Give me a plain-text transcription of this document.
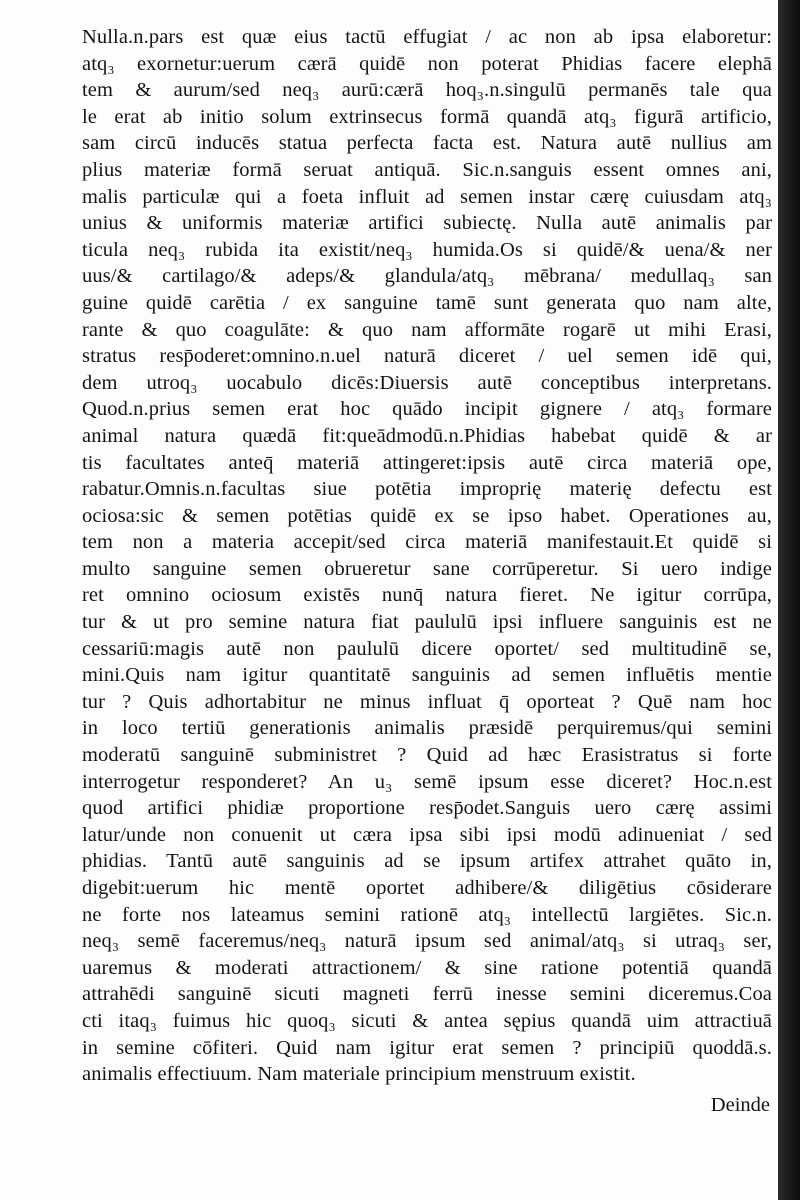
Nulla.n.pars est quæ eius tactū effugiat / ac non ab ipsa elaboretur:
atq₃ exornetur:uerum cærā quidē non poterat Phidias facere elephā
tem & aurum/sed neq₃ aurū:cærā hoq₃.n.singulū permanēs tale qua
le erat ab initio solum extrinsecus formā quandā atq₃ figurā artificio,
sam circū inducēs statua perfecta facta est. Natura autē nullius am
plius materiæ formā seruat antiquā. Sic.n.sanguis essent omnes ani,
malis particulæ qui a foeta influit ad semen instar cærę cuiusdam atq₃
unius & uniformis materiæ artifici subiectę. Nulla autē animalis par
ticula neq₃ rubida ita existit/neq₃ humida.Os si quidē/& uena/& ner
uus/& cartilago/& adeps/& glandula/atq₃ mēbrana/ medullaq₃ san
guine quidē carētia / ex sanguine tamē sunt generata quo nam alte,
rante & quo coagulāte: & quo nam afformāte rogarē ut mihi Erasi,
stratus resp̄oderet:omnino.n.uel naturā diceret / uel semen idē qui,
dem utroq₃ uocabulo dicēs:Diuersis autē conceptibus interpretans.
Quod.n.prius semen erat hoc quādo incipit gignere / atq₃ formare
animal natura quædā fit:queādmodū.n.Phidias habebat quidē & ar
tis facultates anteq̄ materiā attingeret:ipsis autē circa materiā ope,
rabatur.Omnis.n.facultas siue potētia improprię materię defectu est
ociosa:sic & semen potētias quidē ex se ipso habet. Operationes au,
tem non a materia accepit/sed circa materiā manifestauit.Et quidē si
multo sanguine semen obrueretur sane corrūperetur. Si uero indige
ret omnino ociosum existēs nunq̄ natura fieret. Ne igitur corrūpa,
tur & ut pro semine natura fiat paululū ipsi influere sanguinis est ne
cessariū:magis autē non paululū dicere oportet/ sed multitudinē se,
mini.Quis nam igitur quantitatē sanguinis ad semen influētis mentie
tur ? Quis adhortabitur ne minus influat q̄ oporteat ? Quē nam hoc
in loco tertiū generationis animalis præsidē perquiremus/qui semini
moderatū sanguinē subministret ? Quid ad hæc Erasistratus si forte
interrogetur responderet? An u₃ semē ipsum esse diceret? Hoc.n.est
quod artifici phidiæ proportione resp̄odet.Sanguis uero cærę assimi
latur/unde non conuenit ut cæra ipsa sibi ipsi modū adinueniat / sed
phidias. Tantū autē sanguinis ad se ipsum artifex attrahet quāto in,
digebit:uerum hic mentē oportet adhibere/& diligētius cōsiderare
ne forte nos lateamus semini rationē atq₃ intellectū largiētes. Sic.n.
neq₃ semē faceremus/neq₃ naturā ipsum sed animal/atq₃ si utraq₃ ser,
uaremus & moderati attractionem/ & sine ratione potentiā quandā
attrahēdi sanguinē sicuti magneti ferrū inesse semini diceremus.Coa
cti itaq₃ fuimus hic quoq₃ sicuti & antea sępius quandā uim attractiuā
in semine cōfiteri. Quid nam igitur erat semen ? principiū quoddā.s.
animalis effectiuum. Nam materiale principium menstruum existit.
Deinde
